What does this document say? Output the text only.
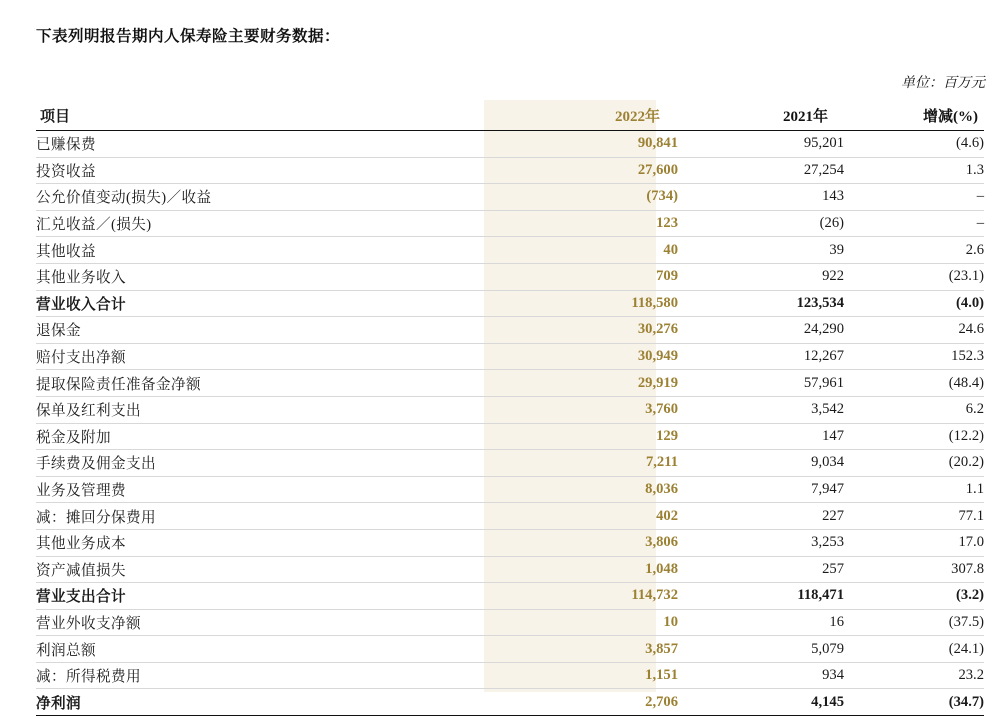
下表列明报告期内人保寿险主要财务数据：
单位：百万元
项目	2022年	2021年	增减(%)
已赚保费	90,841	95,201	(4.6)
投资收益	27,600	27,254	1.3
公允价值变动(损失)／收益	(734)	143	–
汇兑收益／(损失)	123	(26)	–
其他收益	40	39	2.6
其他业务收入	709	922	(23.1)
营业收入合计	118,580	123,534	(4.0)
退保金	30,276	24,290	24.6
赔付支出净额	30,949	12,267	152.3
提取保险责任准备金净额	29,919	57,961	(48.4)
保单及红利支出	3,760	3,542	6.2
税金及附加	129	147	(12.2)
手续费及佣金支出	7,211	9,034	(20.2)
业务及管理费	8,036	7,947	1.1
减：摊回分保费用	402	227	77.1
其他业务成本	3,806	3,253	17.0
资产减值损失	1,048	257	307.8
营业支出合计	114,732	118,471	(3.2)
营业外收支净额	10	16	(37.5)
利润总额	3,857	5,079	(24.1)
减：所得税费用	1,151	934	23.2
净利润	2,706	4,145	(34.7)
